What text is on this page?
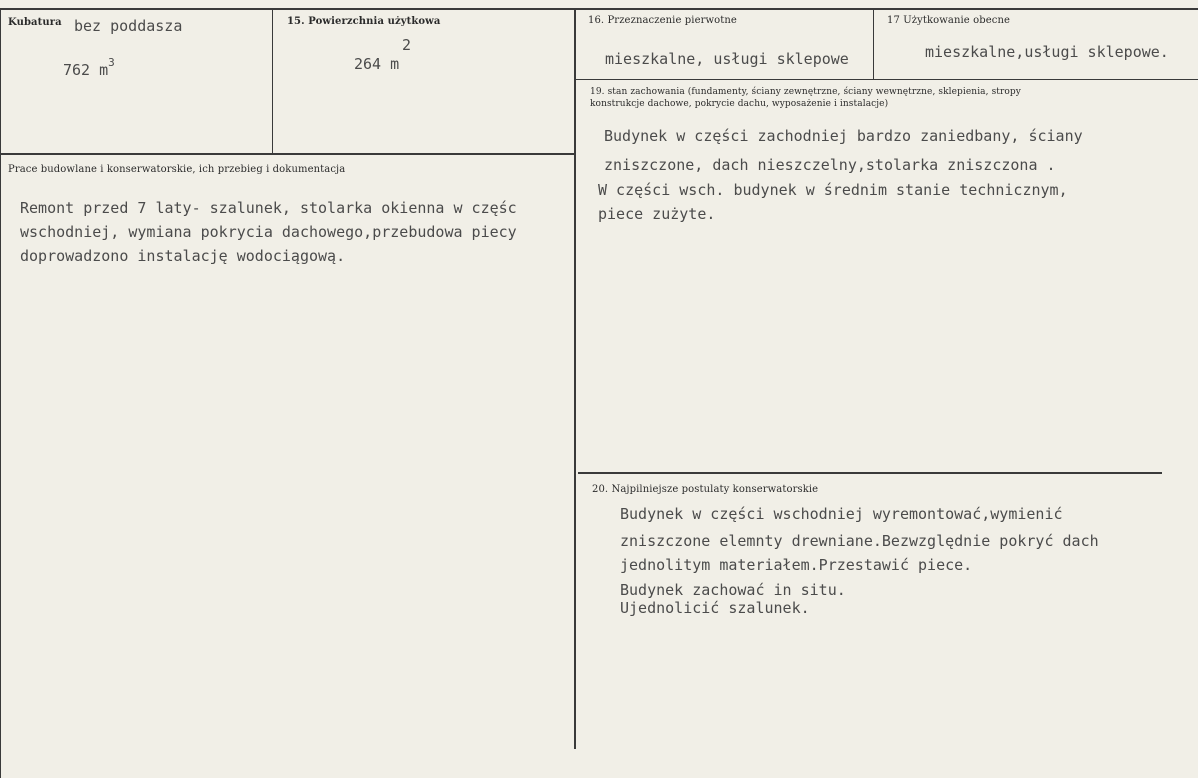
Kubatura bez poddasza
762 $m^3$
15. Powierzchnia użytkowa
2
264 m
16. Przeznaczenie pierwotne
mieszkalne, usługi sklepowe
17 Użytkowanie obecne
mieszkalne,usługi sklepowe.
19. stan zachowania (fundamenty, ściany zewnętrzne, ściany wewnętrzne, sklepienia, stropy
konstrukcje dachowe, pokrycie dachu, wyposażenie i instalacje)
Budynek w części zachodniej bardzo zaniedbany, ściany
zniszczone, dach nieszczelny,stolarka zniszczona .
W części wsch. budynek w średnim stanie technicznym,
piece zużyte.
Prace budowlane i konserwatorskie, ich przebieg i dokumentacja
Remont przed 7 laty- szalunek, stolarka okienna w częśc
wschodniej, wymiana pokrycia dachowego,przebudowa piecy
doprowadzono instalację wodociągową.
20. Najpilniejsze postulaty konserwatorskie
Budynek w części wschodniej wyremontować,wymienić
zniszczone elemnty drewniane.Bezwzględnie pokryć dach
jednolitym materiałem.Przestawić piece.
Budynek zachować in situ.
Ujednolicić szalunek.
